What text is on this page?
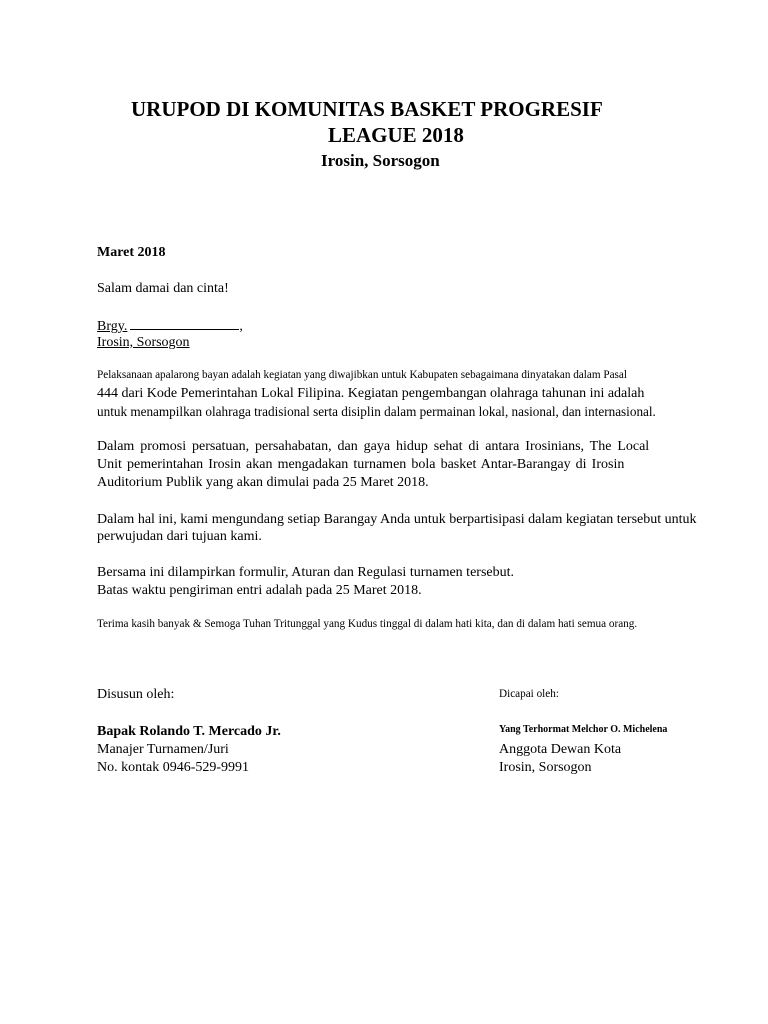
URUPOD DI KOMUNITAS BASKET PROGRESIF
LEAGUE 2018
Irosin, Sorsogon
Maret 2018
Salam damai dan cinta!
Brgy.	,
Irosin, Sorsogon
Pelaksanaan apalarong bayan adalah kegiatan yang diwajibkan untuk Kabupaten sebagaimana dinyatakan dalam Pasal
444 dari Kode Pemerintahan Lokal Filipina. Kegiatan pengembangan olahraga tahunan ini adalah
untuk menampilkan olahraga tradisional serta disiplin dalam permainan lokal, nasional, dan internasional.
Dalam promosi persatuan, persahabatan, dan gaya hidup sehat di antara Irosinians, The Local
Unit pemerintahan Irosin akan mengadakan turnamen bola basket Antar-Barangay di Irosin
Auditorium Publik yang akan dimulai pada 25 Maret 2018.
Dalam hal ini, kami mengundang setiap Barangay Anda untuk berpartisipasi dalam kegiatan tersebut untuk
perwujudan dari tujuan kami.
Bersama ini dilampirkan formulir, Aturan dan Regulasi turnamen tersebut.
Batas waktu pengiriman entri adalah pada 25 Maret 2018.
Terima kasih banyak & Semoga Tuhan Tritunggal yang Kudus tinggal di dalam hati kita, dan di dalam hati semua orang.
Disusun oleh:
Bapak Rolando T. Mercado Jr.
Manajer Turnamen/Juri
No. kontak 0946-529-9991
Dicapai oleh:
Yang Terhormat Melchor O. Michelena
Anggota Dewan Kota
Irosin, Sorsogon
